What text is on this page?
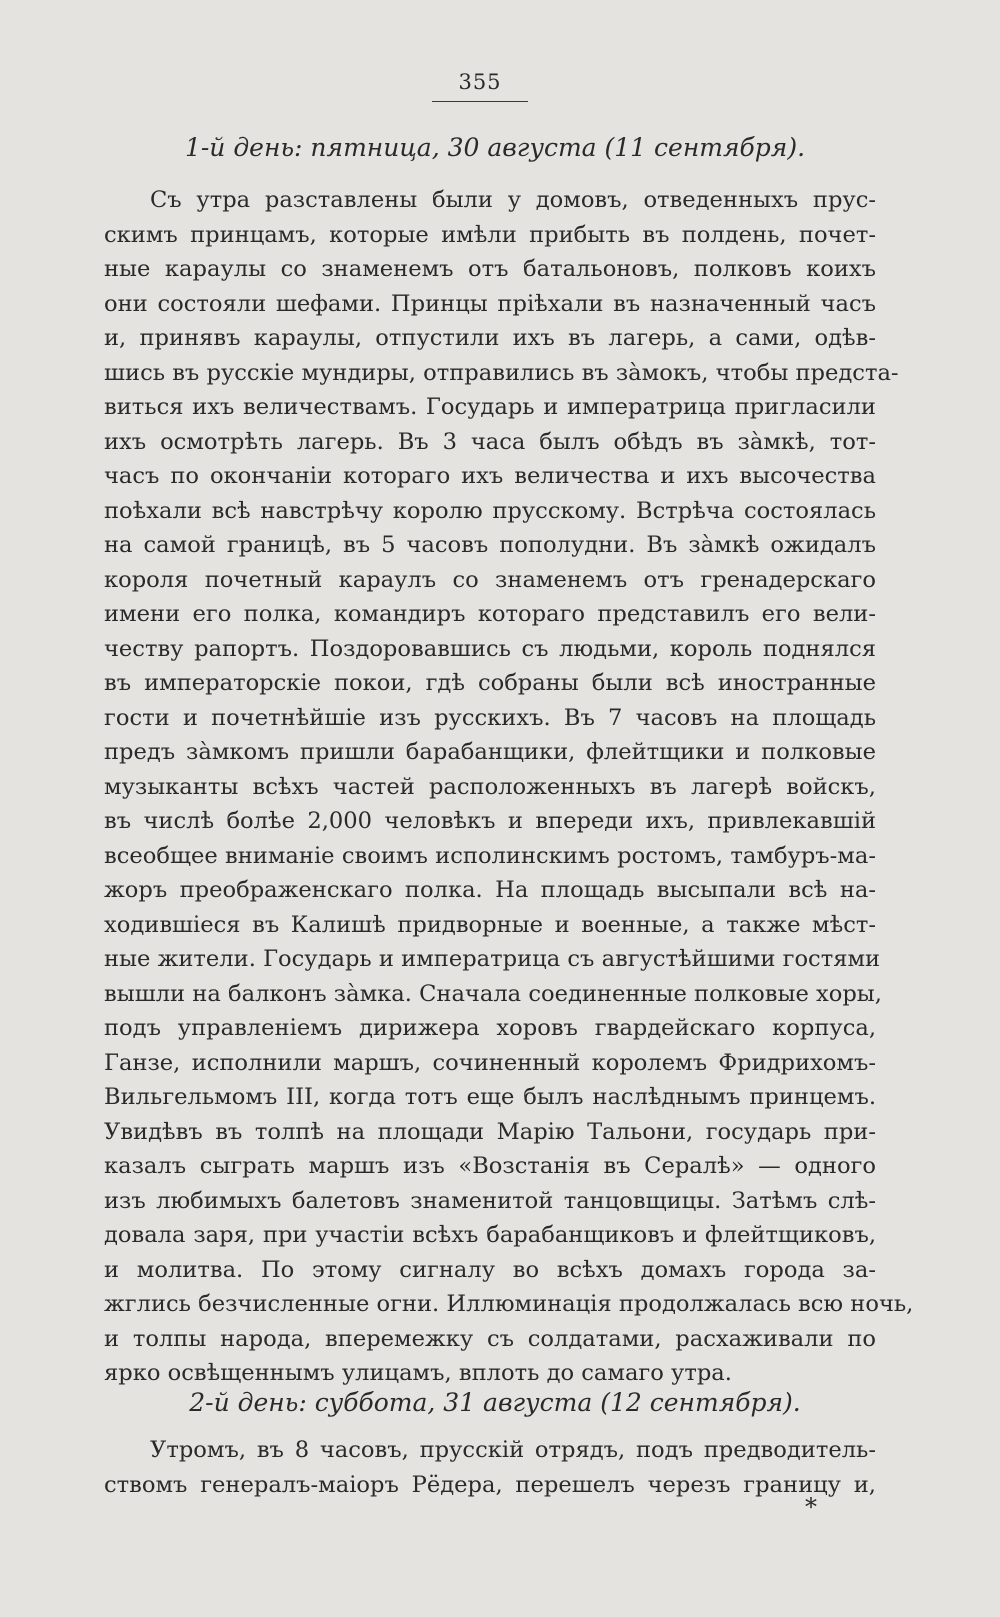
355
1-й день: пятница, 30 августа (11 сентября).
Съ утра разставлены были у домовъ, отведенныхъ прус-
скимъ принцамъ, которые имѣли прибыть въ полдень, почет-
ные караулы со знаменемъ отъ батальоновъ, полковъ коихъ
они состояли шефами. Принцы пріѣхали въ назначенный часъ
и, принявъ караулы, отпустили ихъ въ лагерь, а сами, одѣв-
шись въ русскіе мундиры, отправились въ зàмокъ, чтобы предста-
виться ихъ величествамъ. Государь и императрица пригласили
ихъ осмотрѣть лагерь. Въ 3 часа былъ обѣдъ въ зàмкѣ, тот-
часъ по окончаніи котораго ихъ величества и ихъ высочества
поѣхали всѣ навстрѣчу королю прусскому. Встрѣча состоялась
на самой границѣ, въ 5 часовъ пополудни. Въ зàмкѣ ожидалъ
короля почетный караулъ со знаменемъ отъ гренадерскаго
имени его полка, командиръ котораго представилъ его вели-
честву рапортъ. Поздоровавшись съ людьми, король поднялся
въ императорскіе покои, гдѣ собраны были всѣ иностранные
гости и почетнѣйшіе изъ русскихъ. Въ 7 часовъ на площадь
предъ зàмкомъ пришли барабанщики, флейтщики и полковые
музыканты всѣхъ частей расположенныхъ въ лагерѣ войскъ,
въ числѣ болѣе 2,000 человѣкъ и впереди ихъ, привлекавшій
всеобщее вниманіе своимъ исполинскимъ ростомъ, тамбуръ-ма-
жоръ преображенскаго полка. На площадь высыпали всѣ на-
ходившіеся въ Калишѣ придворные и военные, а также мѣст-
ные жители. Государь и императрица съ августѣйшими гостями
вышли на балконъ зàмка. Сначала соединенные полковые хоры,
подъ управленіемъ дирижера хоровъ гвардейскаго корпуса,
Ганзе, исполнили маршъ, сочиненный королемъ Фридрихомъ-
Вильгельмомъ III, когда тотъ еще былъ наслѣднымъ принцемъ.
Увидѣвъ въ толпѣ на площади Марію Тальони, государь при-
казалъ сыграть маршъ изъ «Возстанія въ Сералѣ» — одного
изъ любимыхъ балетовъ знаменитой танцовщицы. Затѣмъ слѣ-
довала заря, при участіи всѣхъ барабанщиковъ и флейтщиковъ,
и молитва. По этому сигналу во всѣхъ домахъ города за-
жглись безчисленные огни. Иллюминація продолжалась всю ночь,
и толпы народа, вперемежку съ солдатами, расхаживали по
ярко освѣщеннымъ улицамъ, вплоть до самаго утра.
2-й день: суббота, 31 августа (12 сентября).
Утромъ, въ 8 часовъ, прусскій отрядъ, подъ предводитель-
ствомъ генералъ-маіоръ Рёдера, перешелъ черезъ границу и,
*
